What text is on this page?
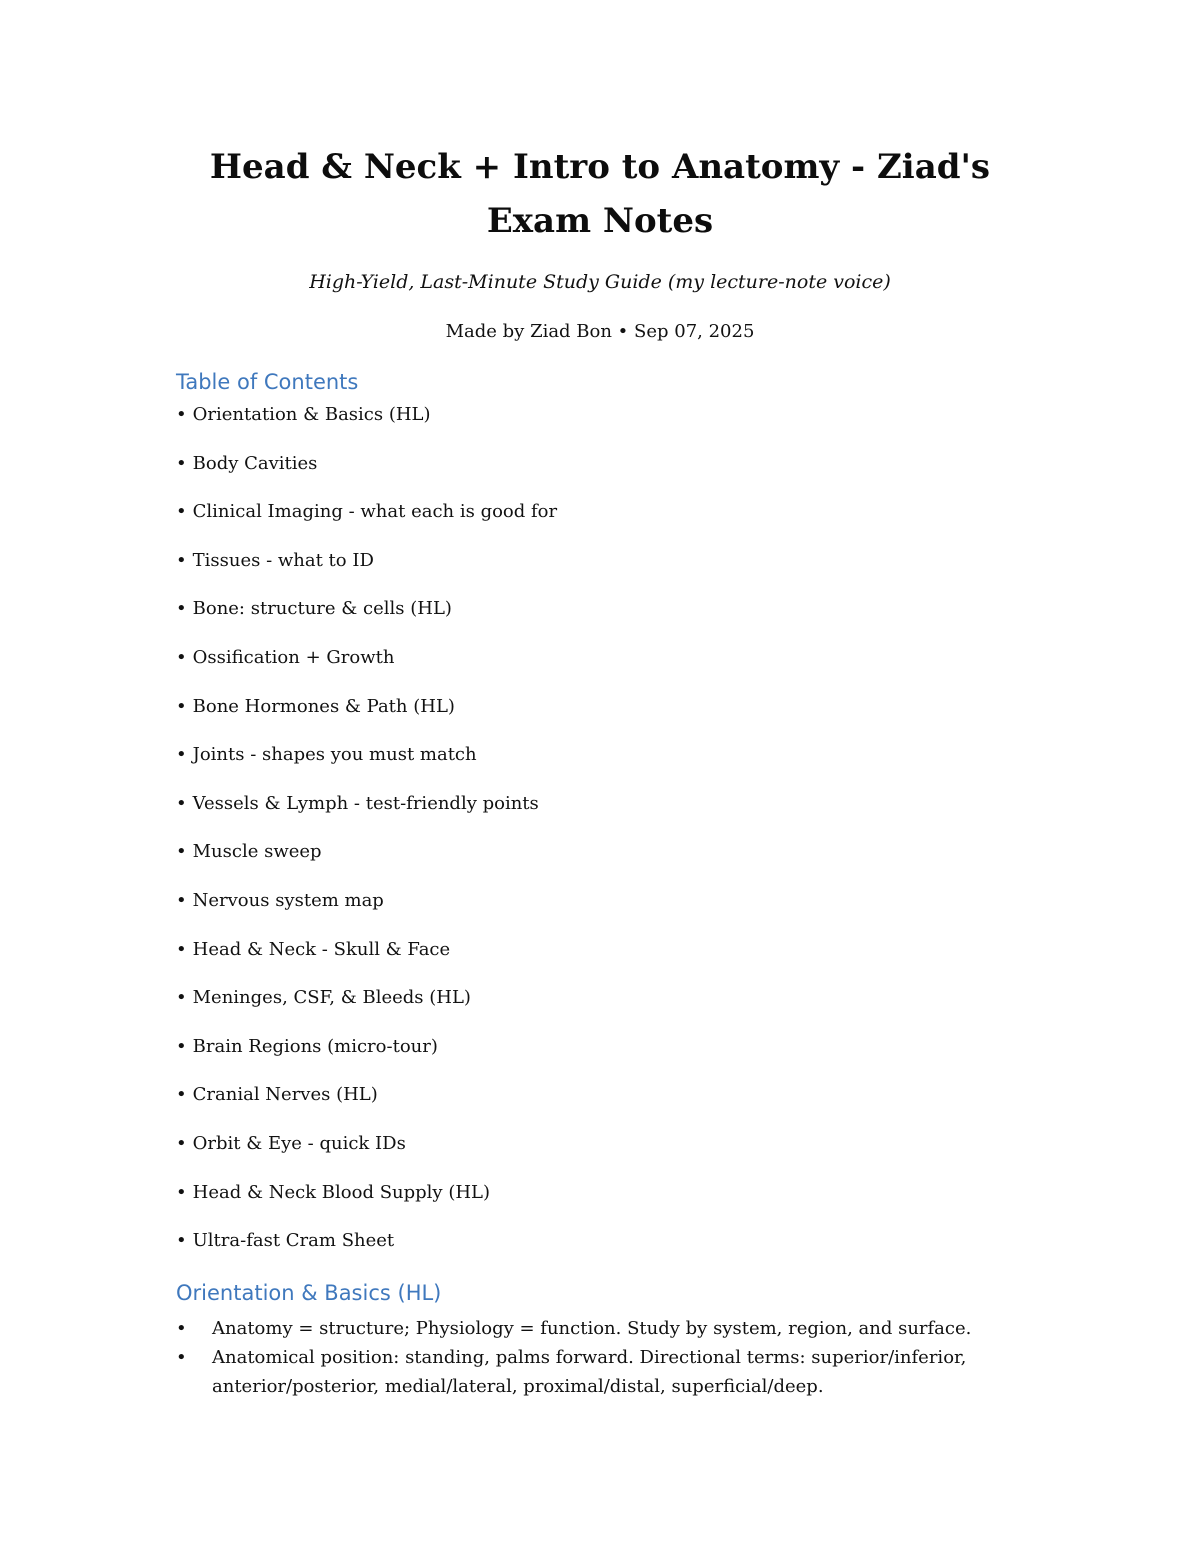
Head & Neck + Intro to Anatomy - Ziad's Exam Notes

High-Yield, Last-Minute Study Guide (my lecture-note voice)

Made by Ziad Bon • Sep 07, 2025

Table of Contents
• Orientation & Basics (HL)
• Body Cavities
• Clinical Imaging - what each is good for
• Tissues - what to ID
• Bone: structure & cells (HL)
• Ossification + Growth
• Bone Hormones & Path (HL)
• Joints - shapes you must match
• Vessels & Lymph - test-friendly points
• Muscle sweep
• Nervous system map
• Head & Neck - Skull & Face
• Meninges, CSF, & Bleeds (HL)
• Brain Regions (micro-tour)
• Cranial Nerves (HL)
• Orbit & Eye - quick IDs
• Head & Neck Blood Supply (HL)
• Ultra-fast Cram Sheet
Orientation & Basics (HL)
• Anatomy = structure; Physiology = function. Study by system, region, and surface.
• Anatomical position: standing, palms forward. Directional terms: superior/inferior, anterior/posterior, medial/lateral, proximal/distal, superficial/deep.
